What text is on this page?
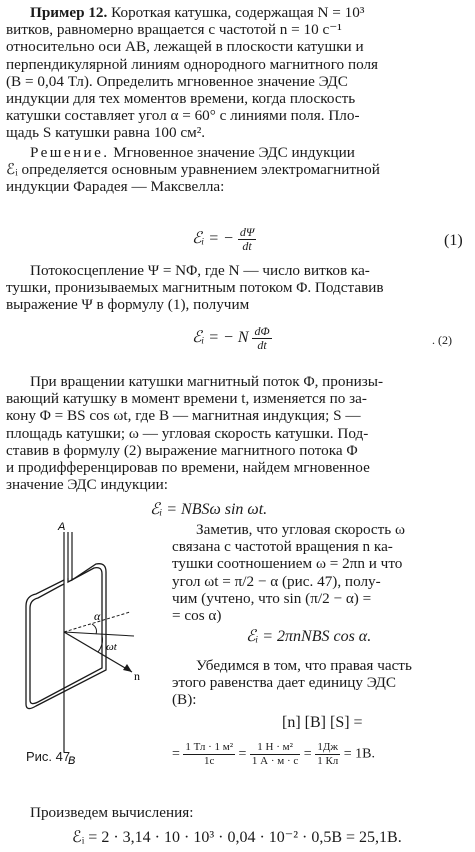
Пример 12. Короткая катушка, содержащая N = 10³
витков, равномерно вращается с частотой n = 10 с⁻¹
относительно оси AB, лежащей в плоскости катушки и
перпендикулярной линиям однородного магнитного поля
(B = 0,04 Тл). Определить мгновенное значение ЭДС
индукции для тех моментов времени, когда плоскость
катушки составляет угол α = 60° с линиями поля. Пло-
щадь S катушки равна 100 см².
Решение. Мгновенное значение ЭДС индукции
ℰᵢ определяется основным уравнением электромагнитной
индукции Фарадея — Максвелла:
ℰᵢ = − $\frac{d\Psi}{dt}$	(1)
Потокосцепление Ψ = NΦ, где N — число витков ка-
тушки, пронизываемых магнитным потоком Φ. Подставив
выражение Ψ в формулу (1), получим
ℰᵢ = − N $\frac{d\Phi}{dt}$	. (2)
При вращении катушки магнитный поток Φ, пронизы-
вающий катушку в момент времени t, изменяется по за-
кону Φ = BS cos ωt, где B — магнитная индукция; S —
площадь катушки; ω — угловая скорость катушки. Под-
ставив в формулу (2) выражение магнитного потока Φ
и продифференцировав по времени, найдем мгновенное
значение ЭДС индукции:
ℰᵢ = NBSω sin ωt.
A
B
α
ωt
n
Рис. 47
Заметив, что угловая скорость ω
связана с частотой вращения n ка-
тушки соотношением ω = 2πn и что
угол ωt = π/2 − α (рис. 47), полу-
чим (учтено, что sin (π/2 − α) =
= cos α)
ℰᵢ = 2πnNBS cos α.
Убедимся в том, что правая часть
этого равенства дает единицу ЭДС
(В):
[n] [B] [S] =
= $\frac{\text{1 Тл · 1 м²}}{1с} = \frac{\text{1 Н · м²}}{1 А \cdot м \cdot с} = \frac{1Дж}{1 Кл} = 1В$.
Произведем вычисления:
ℰᵢ = 2 · 3,14 · 10 · 10³ · 0,04 · 10⁻² · 0,5В = 25,1В.
